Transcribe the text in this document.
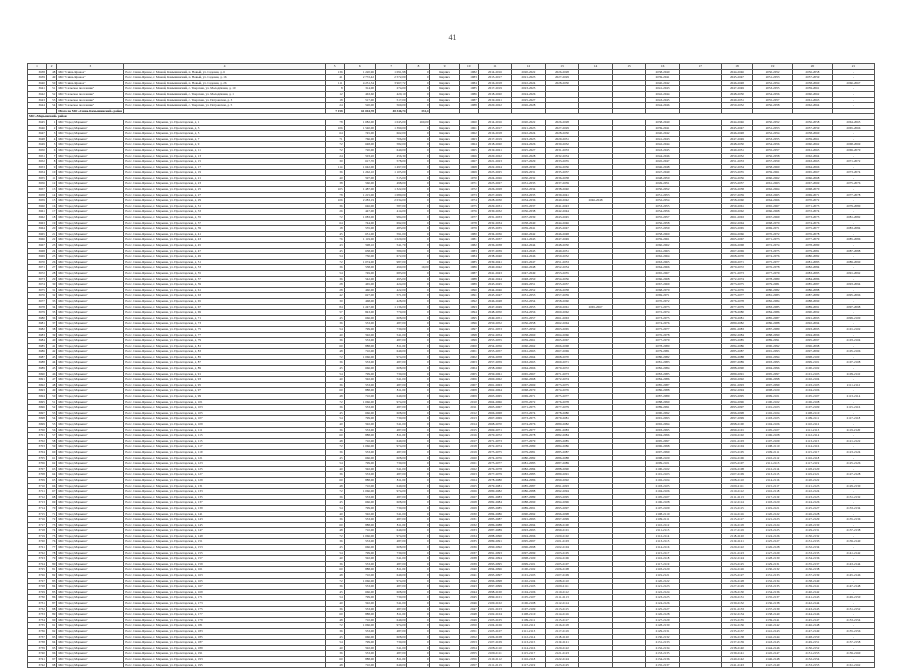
41
1	2	3	4	5	6	7	8	9	10	11	12	13	14	15	16	17	18	19	20	21
3638	48	МО "Сиша-Яровое"	Росс. Сиша-Яровое, г. Можай, Камышинский, п. Новый, ул. Садовая, д. 6	136	1 220,96	1 091,98	0	Кирпич	1982	2014-2016	2020-2022	2026-2028			2038-2040		2044-2046	2050-2052	2056-2058	-
3639	49	МО "Сиша-Яровое"	Росс. Сиша-Яровое, г. Можай, Камышинский, п. Новый, ул. Садовая, д. 16	41	2 772,42	2 572,00	0	Кирпич	1983	2015-2017	2021-2023	2027-2029			2039-2041		2045-2047	2051-2053	2057-2059	-
3640	50	МО "Сиша-Яровое"	Росс. Сиша-Яровое, г. Можай, Камышинский, п. Новый, ул. Садовая, д. 26	111	4 231,34	3 967,72	0	Кирпич	1984	2016-2018	2022-2024	2028-2030			2040-2042		2046-2048	2052-2054	2058-2060	2066-2067
3641	51	МО "Сельское поселение"	Росс. Сиша-Яровое, г. Можай, Камышинский, с. Тверские, ул. Молодёжная, д. 10	8	314,00	274,00	0	Кирпич	1985	2017-2019	2023-2025				2041-2043		2047-2049	2053-2055	2059-2061	-
3642	52	МО "Сельское поселение"	Росс. Сиша-Яровое, г. Можай, Камышинский, с. Тверские, ул. Молодёжная, д. 1	12	463,60	420,10	0	Кирпич	1986	2018-2020	2024-2026				2042-2044		2048-2050	2054-2056	2060-2062	-
3643	53	МО "Сельское поселение"	Росс. Сиша-Яровое, г. Можай, Камышинский, с. Тверские, ул. Петровская, д. 3	18	517,00	517,00	0	Кирпич	1987	2019-2021	2025-2027				2043-2045		2049-2051	2055-2057	2061-2063	-
3644	54	МО "Сельское поселение"	Росс. Сиша-Яровое, г. Можай, Камышинский, с. Тверские, ул. Петровская, д. 5	24	520,00	560,00	0	Кирпич	1988	2020-2022	2026-2028				2044-2046		2050-2052	2056-2058	2062-2064	-
		Итого по МО «Сиша-Камышинский» район		7 158	61 044,78	48 346,74	331,4													
МО «Марьинский» район																				
3645	1	МО "Город Марьина"	Росс. Сиша-Яровое, г. Марьина, ул. Пролетарская, д. 1	78	1 082,00	1 045,00	260,00	Кирпич	1960	2014-2016	2020-2022	2026-2028			2038-2040		2044-2046	2050-2052	2056-2058	2064-2065
3646	2	МО "Город Марьина"	Росс. Сиша-Яровое, г. Марьина, ул. Пролетарская, д. 3	106	1 540,00	1 390,00	0	Кирпич	1961	2015-2017	2021-2023	2027-2029			2039-2041		2045-2047	2051-2053	2057-2059	2065-2066
3647	3	МО "Город Марьина"	Росс. Сиша-Яровое, г. Марьина, ул. Пролетарская, д. 5	64	745,00	662,00	0	Кирпич	1962	2016-2018	2022-2024	2028-2030			2040-2042		2046-2048	2052-2054	2058-2060	-
3648	4	МО "Город Марьина"	Росс. Сиша-Яровое, г. Марьина, ул. Пролетарская, д. 7	71	766,00	706,00	0	Кирпич	1963	2017-2019	2023-2025	2029-2031			2041-2043		2047-2049	2053-2055	2059-2061	-
3649	5	МО "Город Марьина"	Росс. Сиша-Яровое, г. Марьина, ул. Пролетарская, д. 9	72	648,00	582,00	0	Кирпич	1964	2018-2020	2024-2026	2030-2032			2042-2044		2048-2050	2054-2056	2060-2062	2068-2069
3650	6	МО "Город Марьина"	Росс. Сиша-Яровое, г. Марьина, ул. Пролетарская, д. 11	72	720,00	640,00	0	Кирпич	1965	2019-2021	2025-2027	2031-2033			2043-2045		2049-2051	2055-2057	2061-2063	2069-2070
3651	7	МО "Город Марьина"	Росс. Сиша-Яровое, г. Марьина, ул. Пролетарская, д. 13	24	503,20	456,30	0	Кирпич	1966	2020-2022	2026-2028	2032-2034			2044-2046		2050-2052	2056-2058	2062-2064	-
3652	8	МО "Город Марьина"	Росс. Сиша-Яровое, г. Марьина, ул. Пролетарская, д. 15	30	617,70	578,00	0	Кирпич	1967	2021-2023	2027-2029	2033-2035			2045-2047		2051-2053	2057-2059	2063-2065	2071-2072
3653	9	МО "Город Марьина"	Росс. Сиша-Яровое, г. Марьина, ул. Пролетарская, д. 17	114	1 642,00	1 497,00	0	Кирпич	1968	2022-2024	2028-2030	2034-2036			2046-2048		2052-2054	2058-2060	2064-2066	-
3654	10	МО "Город Марьина"	Росс. Сиша-Яровое, г. Марьина, ул. Пролетарская, д. 19	36	1 262,10	1 105,00	0	Кирпич	1969	2023-2025	2029-2031	2035-2037			2047-2049		2053-2055	2059-2061	2065-2067	2073-2074
3655	11	МО "Город Марьина"	Росс. Сиша-Яровое, г. Марьина, ул. Пролетарская, д. 21	40	597,00	515,00	0	Кирпич	1970	2024-2026	2030-2032	2036-2038			2048-2050		2054-2056	2060-2062	2066-2068	-
3656	12	МО "Город Марьина"	Росс. Сиша-Яровое, г. Марьина, ул. Пролетарская, д. 23	38	560,00	498,00	0	Кирпич	1971	2025-2027	2031-2033	2037-2039			2049-2051		2055-2057	2061-2063	2067-2069	2075-2076
3657	13	МО "Город Марьина"	Росс. Сиша-Яровое, г. Марьина, ул. Пролетарская, д. 25	105	1 487,00	1 322,00	0	Кирпич	1972	2026-2028	2032-2034	2038-2040			2050-2052		2056-2058	2062-2064	2068-2070	-
3658	14	МО "Город Марьина"	Росс. Сиша-Яровое, г. Марьина, ул. Пролетарская, д. 27	78	1 215,00	1 080,00	0	Кирпич	1973	2027-2029	2033-2035	2039-2041			2051-2053		2057-2059	2063-2065	2069-2071	2077-2078
3659	15	МО "Город Марьина"	Росс. Сиша-Яровое, г. Марьина, ул. Пролетарская, д. 29	106	2 283,19	2 034,00	0	Кирпич	1974	2028-2030	2034-2036	2040-2042	2046-2048		2052-2054		2058-2060	2064-2066	2070-2072	-
3660	16	МО "Город Марьина"	Росс. Сиша-Яровое, г. Марьина, ул. Пролетарская, д. 31	36	646,00	587,00	0	Кирпич	1975	2029-2031	2035-2037	2041-2043			2053-2055		2059-2061	2065-2067	2071-2073	2079-2080
3661	17	МО "Город Марьина"	Росс. Сиша-Яровое, г. Марьина, ул. Пролетарская, д. 33	26	447,00	414,00	0	Кирпич	1976	2030-2032	2036-2038	2042-2044			2054-2056		2060-2062	2066-2068	2072-2074	-
3662	18	МО "Город Марьина"	Росс. Сиша-Яровое, г. Марьина, ул. Пролетарская, д. 35	72	1 083,00	984,00	0	Кирпич	1977	2031-2033	2037-2039	2043-2045			2055-2057		2061-2063	2067-2069	2073-2075	2081-2082
3663	19	МО "Город Марьина"	Росс. Сиша-Яровое, г. Марьина, ул. Пролетарская, д. 37	64	744,00	692,00	0	Кирпич	1978	2032-2034	2038-2040	2044-2046			2056-2058		2062-2064	2068-2070	2074-2076	-
3664	20	МО "Город Марьина"	Росс. Сиша-Яровое, г. Марьина, ул. Пролетарская, д. 39	18	535,00	483,00	0	Кирпич	1979	2033-2035	2039-2041	2045-2047			2057-2059		2063-2065	2069-2071	2075-2077	2083-2084
3665	21	МО "Город Марьина"	Росс. Сиша-Яровое, г. Марьина, ул. Пролетарская, д. 41	45	651,00	591,00	0	Кирпич	1980	2034-2036	2040-2042	2046-2048			2058-2060		2064-2066	2070-2072	2076-2078	-
3666	22	МО "Город Марьина"	Росс. Сиша-Яровое, г. Марьина, ул. Пролетарская, д. 43	76	1 119,00	1 020,00	0	Кирпич	1981	2035-2037	2041-2043	2047-2049			2059-2061		2065-2067	2071-2073	2077-2079	2085-2086
3667	23	МО "Город Марьина"	Росс. Сиша-Яровое, г. Марьина, ул. Пролетарская, д. 45	43	598,10	541,70	0	Кирпич	1982	2036-2038	2042-2044	2048-2050			2060-2062		2066-2068	2072-2074	2078-2080	-
3668	24	МО "Город Марьина"	Росс. Сиша-Яровое, г. Марьина, ул. Пролетарская, д. 47	45	638,00	580,00	0	Кирпич	1983	2037-2039	2043-2045	2049-2051			2061-2063		2067-2069	2073-2075	2079-2081	2087-2088
3669	25	МО "Город Марьина"	Росс. Сиша-Яровое, г. Марьина, ул. Пролетарская, д. 49	54	730,00	672,00	0	Кирпич	1984	2038-2040	2044-2046	2050-2052			2062-2064		2068-2070	2074-2076	2080-2082	-
3670	26	МО "Город Марьина"	Росс. Сиша-Яровое, г. Марьина, ул. Пролетарская, д. 51	72	1 074,00	987,00	0	Кирпич	1985	2039-2041	2045-2047	2051-2053			2063-2065		2069-2071	2075-2077	2081-2083	2089-2090
3671	27	МО "Город Марьина"	Росс. Сиша-Яровое, г. Марьина, ул. Пролетарская, д. 53	36	538,00	490,00	19,00	Кирпич	1986	2040-2042	2046-2048	2052-2054			2064-2066		2070-2072	2076-2078	2082-2084	-
3672	28	МО "Город Марьина"	Росс. Сиша-Яровое, г. Марьина, ул. Пролетарская, д. 55	54	749,00	683,00	0	Кирпич	1987	2041-2043	2047-2049	2053-2055			2065-2067		2071-2073	2077-2079	2083-2085	2091-2092
3673	29	МО "Город Марьина"	Росс. Сиша-Яровое, г. Марьина, ул. Пролетарская, д. 57	36	542,00	495,00	0	Кирпич	1988	2042-2044	2048-2050	2054-2056			2066-2068		2072-2074	2078-2080	2084-2086	-
3674	30	МО "Город Марьина"	Росс. Сиша-Яровое, г. Марьина, ул. Пролетарская, д. 59	28	465,00	424,00	0	Кирпич	1989	2043-2045	2049-2051	2055-2057			2067-2069		2073-2075	2079-2081	2085-2087	2093-2094
3675	31	МО "Город Марьина"	Росс. Сиша-Яровое, г. Марьина, ул. Пролетарская, д. 61	28	460,00	422,00	0	Кирпич	1990	2044-2046	2050-2052	2056-2058			2068-2070		2074-2076	2080-2082	2086-2088	-
3676	32	МО "Город Марьина"	Росс. Сиша-Яровое, г. Марьина, ул. Пролетарская, д. 63	42	627,00	571,00	0	Кирпич	1991	2045-2047	2051-2053	2057-2059			2069-2071		2075-2077	2081-2083	2087-2089	2095-2096
3677	33	МО "Город Марьина"	Росс. Сиша-Яровое, г. Марьина, ул. Пролетарская, д. 65	30	468,00	428,00	0	Кирпич	1992	2046-2048	2052-2054	2058-2060			2070-2072		2076-2078	2082-2084	2088-2090	-
3678	34	МО "Город Марьина"	Росс. Сиша-Яровое, г. Марьина, ул. Пролетарская, д. 67	84	1 247,00	1 136,00	0	Кирпич	1993	2047-2049	2053-2055	2059-2061	2065-2067		2071-2073		2077-2079	2083-2085	2089-2091	2097-2098
3679	35	МО "Город Марьина"	Росс. Сиша-Яровое, г. Марьина, ул. Пролетарская, д. 69	57	843,00	770,00	0	Кирпич	1994	2048-2050	2054-2056	2060-2062			2072-2074		2078-2080	2084-2086	2090-2092	-
3680	36	МО "Город Марьина"	Росс. Сиша-Яровое, г. Марьина, ул. Пролетарская, д. 71	45	666,00	608,00	0	Кирпич	1995	2049-2051	2055-2057	2061-2063			2073-2075		2079-2081	2085-2087	2091-2093	2099-2100
3681	37	МО "Город Марьина"	Росс. Сиша-Яровое, г. Марьина, ул. Пролетарская, д. 73	36	533,00	487,00	0	Кирпич	1996	2050-2052	2056-2058	2062-2064			2074-2076		2080-2082	2086-2088	2092-2094	-
3682	38	МО "Город Марьина"	Росс. Сиша-Яровое, г. Марьина, ул. Пролетарская, д. 75	54	799,00	730,00	0	Кирпич	1997	2051-2053	2057-2059	2063-2065			2075-2077		2081-2083	2087-2089	2093-2095	2101-2102
3683	39	МО "Город Марьина"	Росс. Сиша-Яровое, г. Марьина, ул. Пролетарская, д. 77	40	592,00	541,00	0	Кирпич	1998	2052-2054	2058-2060	2064-2066			2076-2078		2082-2084	2088-2090	2094-2096	-
3684	40	МО "Город Марьина"	Росс. Сиша-Яровое, г. Марьина, ул. Пролетарская, д. 79	36	533,00	487,00	0	Кирпич	1999	2053-2055	2059-2061	2065-2067			2077-2079		2083-2085	2089-2091	2095-2097	2103-2104
3685	41	МО "Город Марьина"	Росс. Сиша-Яровое, г. Марьина, ул. Пролетарская, д. 81	60	888,00	811,00	0	Кирпич	2000	2054-2056	2060-2062	2066-2068			2078-2080		2084-2086	2090-2092	2096-2098	-
3686	42	МО "Город Марьина"	Росс. Сиша-Яровое, г. Марьина, ул. Пролетарская, д. 83	48	710,00	649,00	0	Кирпич	2001	2055-2057	2061-2063	2067-2069			2079-2081		2085-2087	2091-2093	2097-2099	2105-2106
3687	43	МО "Город Марьина"	Росс. Сиша-Яровое, г. Марьина, ул. Пролетарская, д. 85	72	1 066,00	974,00	0	Кирпич	2002	2056-2058	2062-2064	2068-2070			2080-2082		2086-2088	2092-2094	2098-2100	-
3688	44	МО "Город Марьина"	Росс. Сиша-Яровое, г. Марьина, ул. Пролетарская, д. 87	36	533,00	487,00	0	Кирпич	2003	2057-2059	2063-2065	2069-2071			2081-2083		2087-2089	2093-2095	2099-2101	2107-2108
3689	45	МО "Город Марьина"	Росс. Сиша-Яровое, г. Марьина, ул. Пролетарская, д. 89	45	666,00	608,00	0	Кирпич	2004	2058-2060	2064-2066	2070-2072			2082-2084		2088-2090	2094-2096	2100-2102	-
3690	46	МО "Город Марьина"	Росс. Сиша-Яровое, г. Марьина, ул. Пролетарская, д. 91	54	799,00	730,00	0	Кирпич	2005	2059-2061	2065-2067	2071-2073			2083-2085		2089-2091	2095-2097	2101-2103	2109-2110
3691	47	МО "Город Марьина"	Росс. Сиша-Яровое, г. Марьина, ул. Пролетарская, д. 93	40	592,00	541,00	0	Кирпич	2006	2060-2062	2066-2068	2072-2074			2084-2086		2090-2092	2096-2098	2102-2104	-
3692	48	МО "Город Марьина"	Росс. Сиша-Яровое, г. Марьина, ул. Пролетарская, д. 95	36	533,00	487,00	0	Кирпич	2007	2061-2063	2067-2069	2073-2075			2085-2087		2091-2093	2097-2099	2103-2105	2111-2112
3693	49	МО "Город Марьина"	Росс. Сиша-Яровое, г. Марьина, ул. Пролетарская, д. 97	60	888,00	811,00	0	Кирпич	2008	2062-2064	2068-2070	2074-2076			2086-2088		2092-2094	2098-2100	2104-2106	-
3694	50	МО "Город Марьина"	Росс. Сиша-Яровое, г. Марьина, ул. Пролетарская, д. 99	48	710,00	649,00	0	Кирпич	2009	2063-2065	2069-2071	2075-2077			2087-2089		2093-2095	2099-2101	2105-2107	2113-2114
3695	51	МО "Город Марьина"	Росс. Сиша-Яровое, г. Марьина, ул. Пролетарская, д. 101	72	1 066,00	974,00	0	Кирпич	2010	2064-2066	2070-2072	2076-2078			2088-2090		2094-2096	2100-2102	2106-2108	-
3696	52	МО "Город Марьина"	Росс. Сиша-Яровое, г. Марьина, ул. Пролетарская, д. 103	36	533,00	487,00	0	Кирпич	2011	2065-2067	2071-2073	2077-2079			2089-2091		2095-2097	2101-2103	2107-2109	2115-2116
3697	53	МО "Город Марьина"	Росс. Сиша-Яровое, г. Марьина, ул. Пролетарская, д. 105	45	666,00	608,00	0	Кирпич	2012	2066-2068	2072-2074	2078-2080			2090-2092		2096-2098	2102-2104	2108-2110	-
3698	54	МО "Город Марьина"	Росс. Сиша-Яровое, г. Марьина, ул. Пролетарская, д. 107	54	799,00	730,00	0	Кирпич	2013	2067-2069	2073-2075	2079-2081			2091-2093		2097-2099	2103-2105	2109-2111	2117-2118
3699	55	МО "Город Марьина"	Росс. Сиша-Яровое, г. Марьина, ул. Пролетарская, д. 109	40	592,00	541,00	0	Кирпич	2014	2068-2070	2074-2076	2080-2082			2092-2094		2098-2100	2104-2106	2110-2112	-
3700	56	МО "Город Марьина"	Росс. Сиша-Яровое, г. Марьина, ул. Пролетарская, д. 111	36	533,00	487,00	0	Кирпич	2015	2069-2071	2075-2077	2081-2083			2093-2095		2099-2101	2105-2107	2111-2113	2119-2120
3701	57	МО "Город Марьина"	Росс. Сиша-Яровое, г. Марьина, ул. Пролетарская, д. 113	60	888,00	811,00	0	Кирпич	2016	2070-2072	2076-2078	2082-2084			2094-2096		2100-2102	2106-2108	2112-2114	-
3702	58	МО "Город Марьина"	Росс. Сиша-Яровое, г. Марьина, ул. Пролетарская, д. 115	48	710,00	649,00	0	Кирпич	2017	2071-2073	2077-2079	2083-2085			2095-2097		2101-2103	2107-2109	2113-2115	2121-2122
3703	59	МО "Город Марьина"	Росс. Сиша-Яровое, г. Марьина, ул. Пролетарская, д. 117	72	1 066,00	974,00	0	Кирпич	2018	2072-2074	2078-2080	2084-2086			2096-2098		2102-2104	2108-2110	2114-2116	-
3704	60	МО "Город Марьина"	Росс. Сиша-Яровое, г. Марьина, ул. Пролетарская, д. 119	36	533,00	487,00	0	Кирпич	2019	2073-2075	2079-2081	2085-2087			2097-2099		2103-2105	2109-2111	2115-2117	2123-2124
3705	61	МО "Город Марьина"	Росс. Сиша-Яровое, г. Марьина, ул. Пролетарская, д. 121	45	666,00	608,00	0	Кирпич	2020	2074-2076	2080-2082	2086-2088			2098-2100		2104-2106	2110-2112	2116-2118	-
3706	62	МО "Город Марьина"	Росс. Сиша-Яровое, г. Марьина, ул. Пролетарская, д. 123	54	799,00	730,00	0	Кирпич	2021	2075-2077	2081-2083	2087-2089			2099-2101		2105-2107	2111-2113	2117-2119	2125-2126
3707	63	МО "Город Марьина"	Росс. Сиша-Яровое, г. Марьина, ул. Пролетарская, д. 125	40	592,00	541,00	0	Кирпич	2022	2076-2078	2082-2084	2088-2090			2100-2102		2106-2108	2112-2114	2118-2120	-
3708	64	МО "Город Марьина"	Росс. Сиша-Яровое, г. Марьина, ул. Пролетарская, д. 127	36	533,00	487,00	0	Кирпич	2023	2077-2079	2083-2085	2089-2091			2101-2103		2107-2109	2113-2115	2119-2121	2127-2128
3709	65	МО "Город Марьина"	Росс. Сиша-Яровое, г. Марьина, ул. Пролетарская, д. 129	60	888,00	811,00	0	Кирпич	2024	2078-2080	2084-2086	2090-2092			2102-2104		2108-2110	2114-2116	2120-2122	-
3710	66	МО "Город Марьина"	Росс. Сиша-Яровое, г. Марьина, ул. Пролетарская, д. 131	48	710,00	649,00	0	Кирпич	2025	2079-2081	2085-2087	2091-2093			2103-2105		2109-2111	2115-2117	2121-2123	2129-2130
3711	67	МО "Город Марьина"	Росс. Сиша-Яровое, г. Марьина, ул. Пролетарская, д. 133	72	1 066,00	974,00	0	Кирпич	2026	2080-2082	2086-2088	2092-2094			2104-2106		2110-2112	2116-2118	2122-2124	-
3712	68	МО "Город Марьина"	Росс. Сиша-Яровое, г. Марьина, ул. Пролетарская, д. 135	36	533,00	487,00	0	Кирпич	2027	2081-2083	2087-2089	2093-2095			2105-2107		2111-2113	2117-2119	2123-2125	2131-2132
3713	69	МО "Город Марьина"	Росс. Сиша-Яровое, г. Марьина, ул. Пролетарская, д. 137	45	666,00	608,00	0	Кирпич	2028	2082-2084	2088-2090	2094-2096			2106-2108		2112-2114	2118-2120	2124-2126	-
3714	70	МО "Город Марьина"	Росс. Сиша-Яровое, г. Марьина, ул. Пролетарская, д. 139	54	799,00	730,00	0	Кирпич	2029	2083-2085	2089-2091	2095-2097			2107-2109		2113-2115	2119-2121	2125-2127	2133-2134
3715	71	МО "Город Марьина"	Росс. Сиша-Яровое, г. Марьина, ул. Пролетарская, д. 141	40	592,00	541,00	0	Кирпич	2030	2084-2086	2090-2092	2096-2098			2108-2110		2114-2116	2120-2122	2126-2128	-
3716	72	МО "Город Марьина"	Росс. Сиша-Яровое, г. Марьина, ул. Пролетарская, д. 143	36	533,00	487,00	0	Кирпич	2031	2085-2087	2091-2093	2097-2099			2109-2111		2115-2117	2121-2123	2127-2129	2135-2136
3717	73	МО "Город Марьина"	Росс. Сиша-Яровое, г. Марьина, ул. Пролетарская, д. 145	60	888,00	811,00	0	Кирпич	2032	2086-2088	2092-2094	2098-2100			2110-2112		2116-2118	2122-2124	2128-2130	-
3718	74	МО "Город Марьина"	Росс. Сиша-Яровое, г. Марьина, ул. Пролетарская, д. 147	48	710,00	649,00	0	Кирпич	2033	2087-2089	2093-2095	2099-2101			2111-2113		2117-2119	2123-2125	2129-2131	2137-2138
3719	75	МО "Город Марьина"	Росс. Сиша-Яровое, г. Марьина, ул. Пролетарская, д. 149	72	1 066,00	974,00	0	Кирпич	2034	2088-2090	2094-2096	2100-2102			2112-2114		2118-2120	2124-2126	2130-2132	-
3720	76	МО "Город Марьина"	Росс. Сиша-Яровое, г. Марьина, ул. Пролетарская, д. 151	36	533,00	487,00	0	Кирпич	2035	2089-2091	2095-2097	2101-2103			2113-2115		2119-2121	2125-2127	2131-2133	2139-2140
3721	77	МО "Город Марьина"	Росс. Сиша-Яровое, г. Марьина, ул. Пролетарская, д. 153	45	666,00	608,00	0	Кирпич	2036	2090-2092	2096-2098	2102-2104			2114-2116		2120-2122	2126-2128	2132-2134	-
3722	78	МО "Город Марьина"	Росс. Сиша-Яровое, г. Марьина, ул. Пролетарская, д. 155	54	799,00	730,00	0	Кирпич	2037	2091-2093	2097-2099	2103-2105			2115-2117		2121-2123	2127-2129	2133-2135	2141-2142
3723	79	МО "Город Марьина"	Росс. Сиша-Яровое, г. Марьина, ул. Пролетарская, д. 157	40	592,00	541,00	0	Кирпич	2038	2092-2094	2098-2100	2104-2106			2116-2118		2122-2124	2128-2130	2134-2136	-
3724	80	МО "Город Марьина"	Росс. Сиша-Яровое, г. Марьина, ул. Пролетарская, д. 159	36	533,00	487,00	0	Кирпич	2039	2093-2095	2099-2101	2105-2107			2117-2119		2123-2125	2129-2131	2135-2137	2143-2144
3725	81	МО "Город Марьина"	Росс. Сиша-Яровое, г. Марьина, ул. Пролетарская, д. 161	60	888,00	811,00	0	Кирпич	2040	2094-2096	2100-2102	2106-2108			2118-2120		2124-2126	2130-2132	2136-2138	-
3726	82	МО "Город Марьина"	Росс. Сиша-Яровое, г. Марьина, ул. Пролетарская, д. 163	48	710,00	649,00	0	Кирпич	2041	2095-2097	2101-2103	2107-2109			2119-2121		2125-2127	2131-2133	2137-2139	2145-2146
3727	83	МО "Город Марьина"	Росс. Сиша-Яровое, г. Марьина, ул. Пролетарская, д. 165	72	1 066,00	974,00	0	Кирпич	2042	2096-2098	2102-2104	2108-2110			2120-2122		2126-2128	2132-2134	2138-2140	-
3728	84	МО "Город Марьина"	Росс. Сиша-Яровое, г. Марьина, ул. Пролетарская, д. 167	36	533,00	487,00	0	Кирпич	2043	2097-2099	2103-2105	2109-2111			2121-2123		2127-2129	2133-2135	2139-2141	2147-2148
3729	85	МО "Город Марьина"	Росс. Сиша-Яровое, г. Марьина, ул. Пролетарская, д. 169	45	666,00	608,00	0	Кирпич	2044	2098-2100	2104-2106	2110-2112			2122-2124		2128-2130	2134-2136	2140-2142	-
3730	86	МО "Город Марьина"	Росс. Сиша-Яровое, г. Марьина, ул. Пролетарская, д. 171	54	799,00	730,00	0	Кирпич	2045	2099-2101	2105-2107	2111-2113			2123-2125		2129-2131	2135-2137	2141-2143	2149-2150
3731	87	МО "Город Марьина"	Росс. Сиша-Яровое, г. Марьина, ул. Пролетарская, д. 173	40	592,00	541,00	0	Кирпич	2046	2100-2102	2106-2108	2112-2114			2124-2126		2130-2132	2136-2138	2142-2144	-
3732	88	МО "Город Марьина"	Росс. Сиша-Яровое, г. Марьина, ул. Пролетарская, д. 175	36	533,00	487,00	0	Кирпич	2047	2101-2103	2107-2109	2113-2115			2125-2127		2131-2133	2137-2139	2143-2145	2151-2152
3733	89	МО "Город Марьина"	Росс. Сиша-Яровое, г. Марьина, ул. Пролетарская, д. 177	60	888,00	811,00	0	Кирпич	2048	2102-2104	2108-2110	2114-2116			2126-2128		2132-2134	2138-2140	2144-2146	-
3734	90	МО "Город Марьина"	Росс. Сиша-Яровое, г. Марьина, ул. Пролетарская, д. 179	48	710,00	649,00	0	Кирпич	2049	2103-2105	2109-2111	2115-2117			2127-2129		2133-2135	2139-2141	2145-2147	2153-2154
3735	91	МО "Город Марьина"	Росс. Сиша-Яровое, г. Марьина, ул. Пролетарская, д. 181	72	1 066,00	974,00	0	Кирпич	2050	2104-2106	2110-2112	2116-2118			2128-2130		2134-2136	2140-2142	2146-2148	-
3736	92	МО "Город Марьина"	Росс. Сиша-Яровое, г. Марьина, ул. Пролетарская, д. 183	36	533,00	487,00	0	Кирпич	2051	2105-2107	2111-2113	2117-2119			2129-2131		2135-2137	2141-2143	2147-2149	2155-2156
3737	93	МО "Город Марьина"	Росс. Сиша-Яровое, г. Марьина, ул. Пролетарская, д. 185	45	666,00	608,00	0	Кирпич	2052	2106-2108	2112-2114	2118-2120			2130-2132		2136-2138	2142-2144	2148-2150	-
3738	94	МО "Город Марьина"	Росс. Сиша-Яровое, г. Марьина, ул. Пролетарская, д. 187	54	799,00	730,00	0	Кирпич	2053	2107-2109	2113-2115	2119-2121			2131-2133		2137-2139	2143-2145	2149-2151	2157-2158
3739	95	МО "Город Марьина"	Росс. Сиша-Яровое, г. Марьина, ул. Пролетарская, д. 189	40	592,00	541,00	0	Кирпич	2054	2108-2110	2114-2116	2120-2122			2132-2134		2138-2140	2144-2146	2150-2152	-
3740	96	МО "Город Марьина"	Росс. Сиша-Яровое, г. Марьина, ул. Пролетарская, д. 191	36	533,00	487,00	0	Кирпич	2055	2109-2111	2115-2117	2121-2123			2133-2135		2139-2141	2145-2147	2151-2153	2159-2160
3741	97	МО "Город Марьина"	Росс. Сиша-Яровое, г. Марьина, ул. Пролетарская, д. 193	60	888,00	811,00	0	Кирпич	2056	2110-2112	2116-2118	2122-2124			2134-2136		2140-2142	2146-2148	2152-2154	-
3742	98	МО "Город Марьина"	Росс. Сиша-Яровое, г. Марьина, ул. Пролетарская, д. 195	48	710,00	649,00	0	Кирпич	2057	2111-2113	2117-2119	2123-2125			2135-2137		2141-2143	2147-2149	2153-2155	2161-2162
